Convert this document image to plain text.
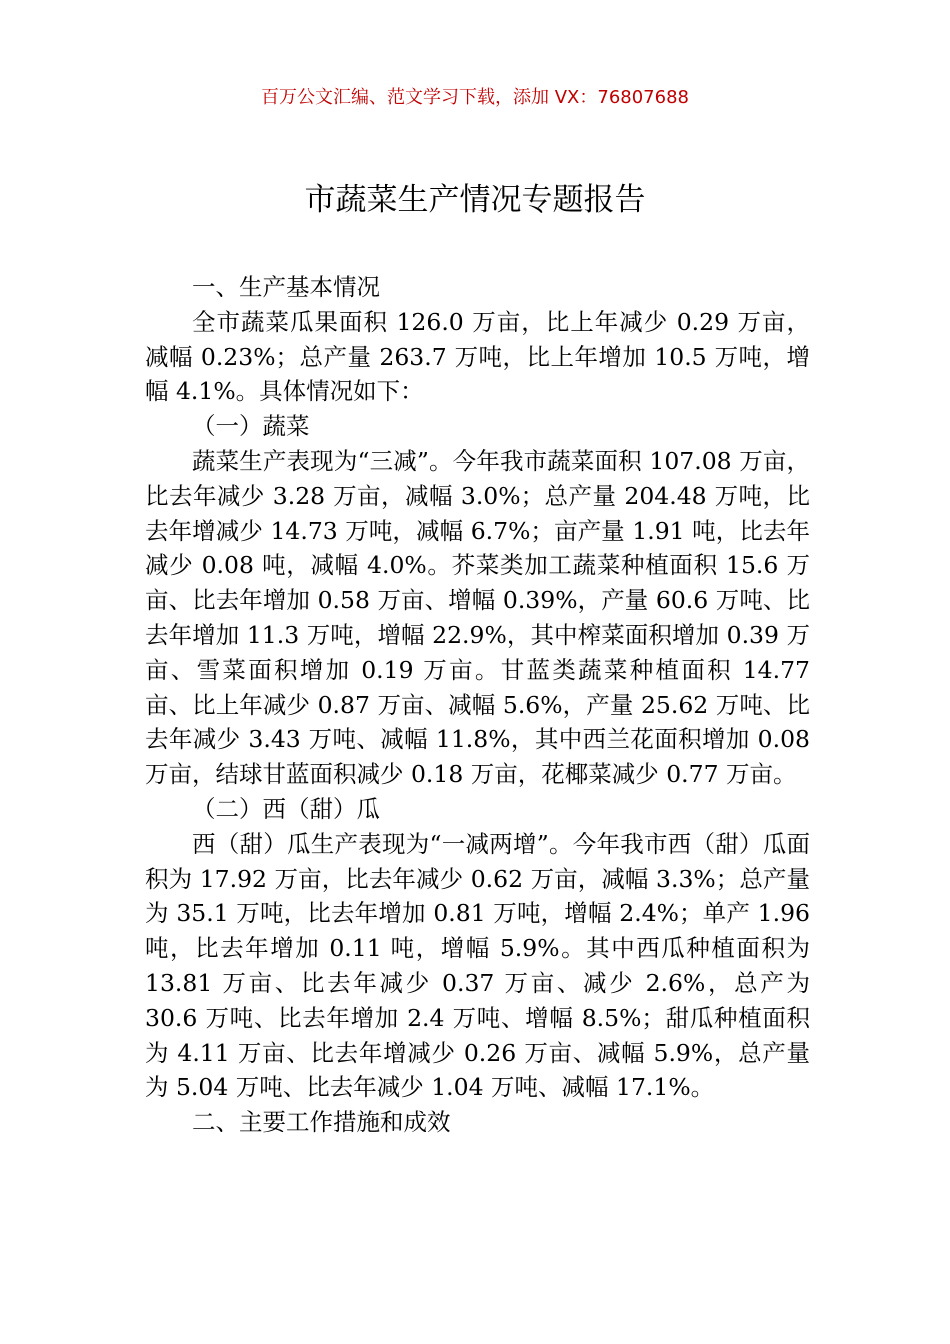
百万公文汇编、范文学习下载，添加 VX：76807688
市蔬菜生产情况专题报告

一、生产基本情况

全市蔬菜瓜果面积 126.0 万亩，比上年减少 0.29 万亩，减幅 0.23%；总产量 263.7 万吨，比上年增加 10.5 万吨，增幅 4.1%。具体情况如下：

（一）蔬菜

蔬菜生产表现为“三减”。今年我市蔬菜面积 107.08 万亩，比去年减少 3.28 万亩，减幅 3.0%；总产量 204.48 万吨，比去年增减少 14.73 万吨，减幅 6.7%；亩产量 1.91 吨，比去年减少 0.08 吨，减幅 4.0%。芥菜类加工蔬菜种植面积 15.6 万亩、比去年增加 0.58 万亩、增幅 0.39%，产量 60.6 万吨、比去年增加 11.3 万吨，增幅 22.9%，其中榨菜面积增加 0.39 万亩、雪菜面积增加 0.19 万亩。甘蓝类蔬菜种植面积 14.77 亩、比上年减少 0.87 万亩、减幅 5.6%，产量 25.62 万吨、比去年减少 3.43 万吨、减幅 11.8%，其中西兰花面积增加 0.08 万亩，结球甘蓝面积减少 0.18 万亩，花椰菜减少 0.77 万亩。

（二）西（甜）瓜

西（甜）瓜生产表现为“一减两增”。今年我市西（甜）瓜面积为 17.92 万亩，比去年减少 0.62 万亩，减幅 3.3%；总产量为 35.1 万吨，比去年增加 0.81 万吨，增幅 2.4%；单产 1.96 吨，比去年增加 0.11 吨，增幅 5.9%。其中西瓜种植面积为 13.81 万亩、比去年减少 0.37 万亩、减少 2.6%，总产为 30.6 万吨、比去年增加 2.4 万吨、增幅 8.5%；甜瓜种植面积为 4.11 万亩、比去年增减少 0.26 万亩、减幅 5.9%，总产量为 5.04 万吨、比去年减少 1.04 万吨、减幅 17.1%。

二、主要工作措施和成效
